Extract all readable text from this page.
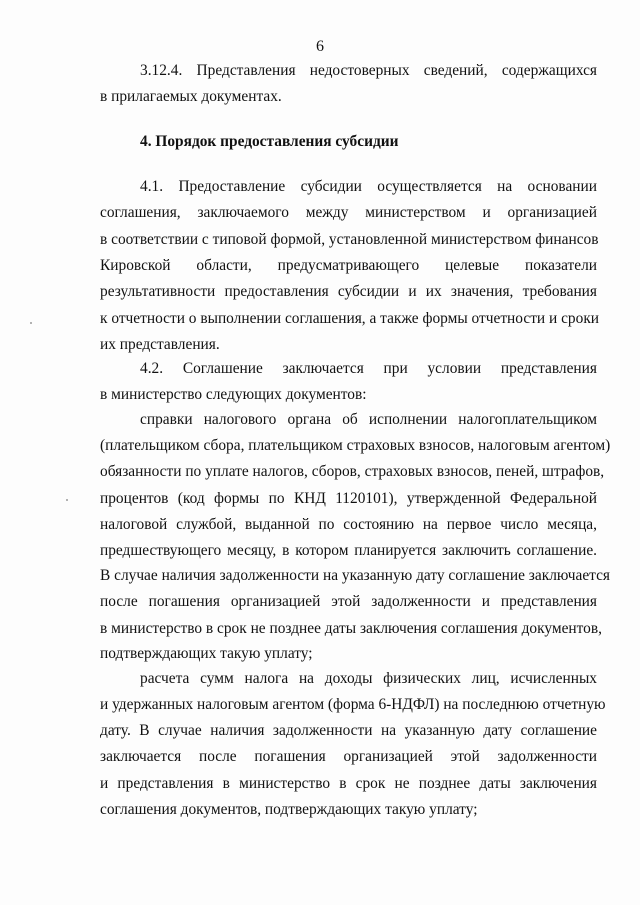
6
3.12.4. Представления недостоверных сведений, содержащихся
в прилагаемых документах.
4. Порядок предоставления субсидии
4.1. Предоставление субсидии осуществляется на основании
соглашения, заключаемого между министерством и организацией
в соответствии с типовой формой, установленной министерством финансов
Кировской области, предусматривающего целевые показатели
результативности предоставления субсидии и их значения, требования
к отчетности о выполнении соглашения, а также формы отчетности и сроки
их представления.
4.2. Соглашение заключается при условии представления
в министерство следующих документов:
справки налогового органа об исполнении налогоплательщиком
(плательщиком сбора, плательщиком страховых взносов, налоговым агентом)
обязанности по уплате налогов, сборов, страховых взносов, пеней, штрафов,
процентов (код формы по КНД 1120101), утвержденной Федеральной
налоговой службой, выданной по состоянию на первое число месяца,
предшествующего месяцу, в котором планируется заключить соглашение.
В случае наличия задолженности на указанную дату соглашение заключается
после погашения организацией этой задолженности и представления
в министерство в срок не позднее даты заключения соглашения документов,
подтверждающих такую уплату;
расчета сумм налога на доходы физических лиц, исчисленных
и удержанных налоговым агентом (форма 6-НДФЛ) на последнюю отчетную
дату. В случае наличия задолженности на указанную дату соглашение
заключается после погашения организацией этой задолженности
и представления в министерство в срок не позднее даты заключения
соглашения документов, подтверждающих такую уплату;
